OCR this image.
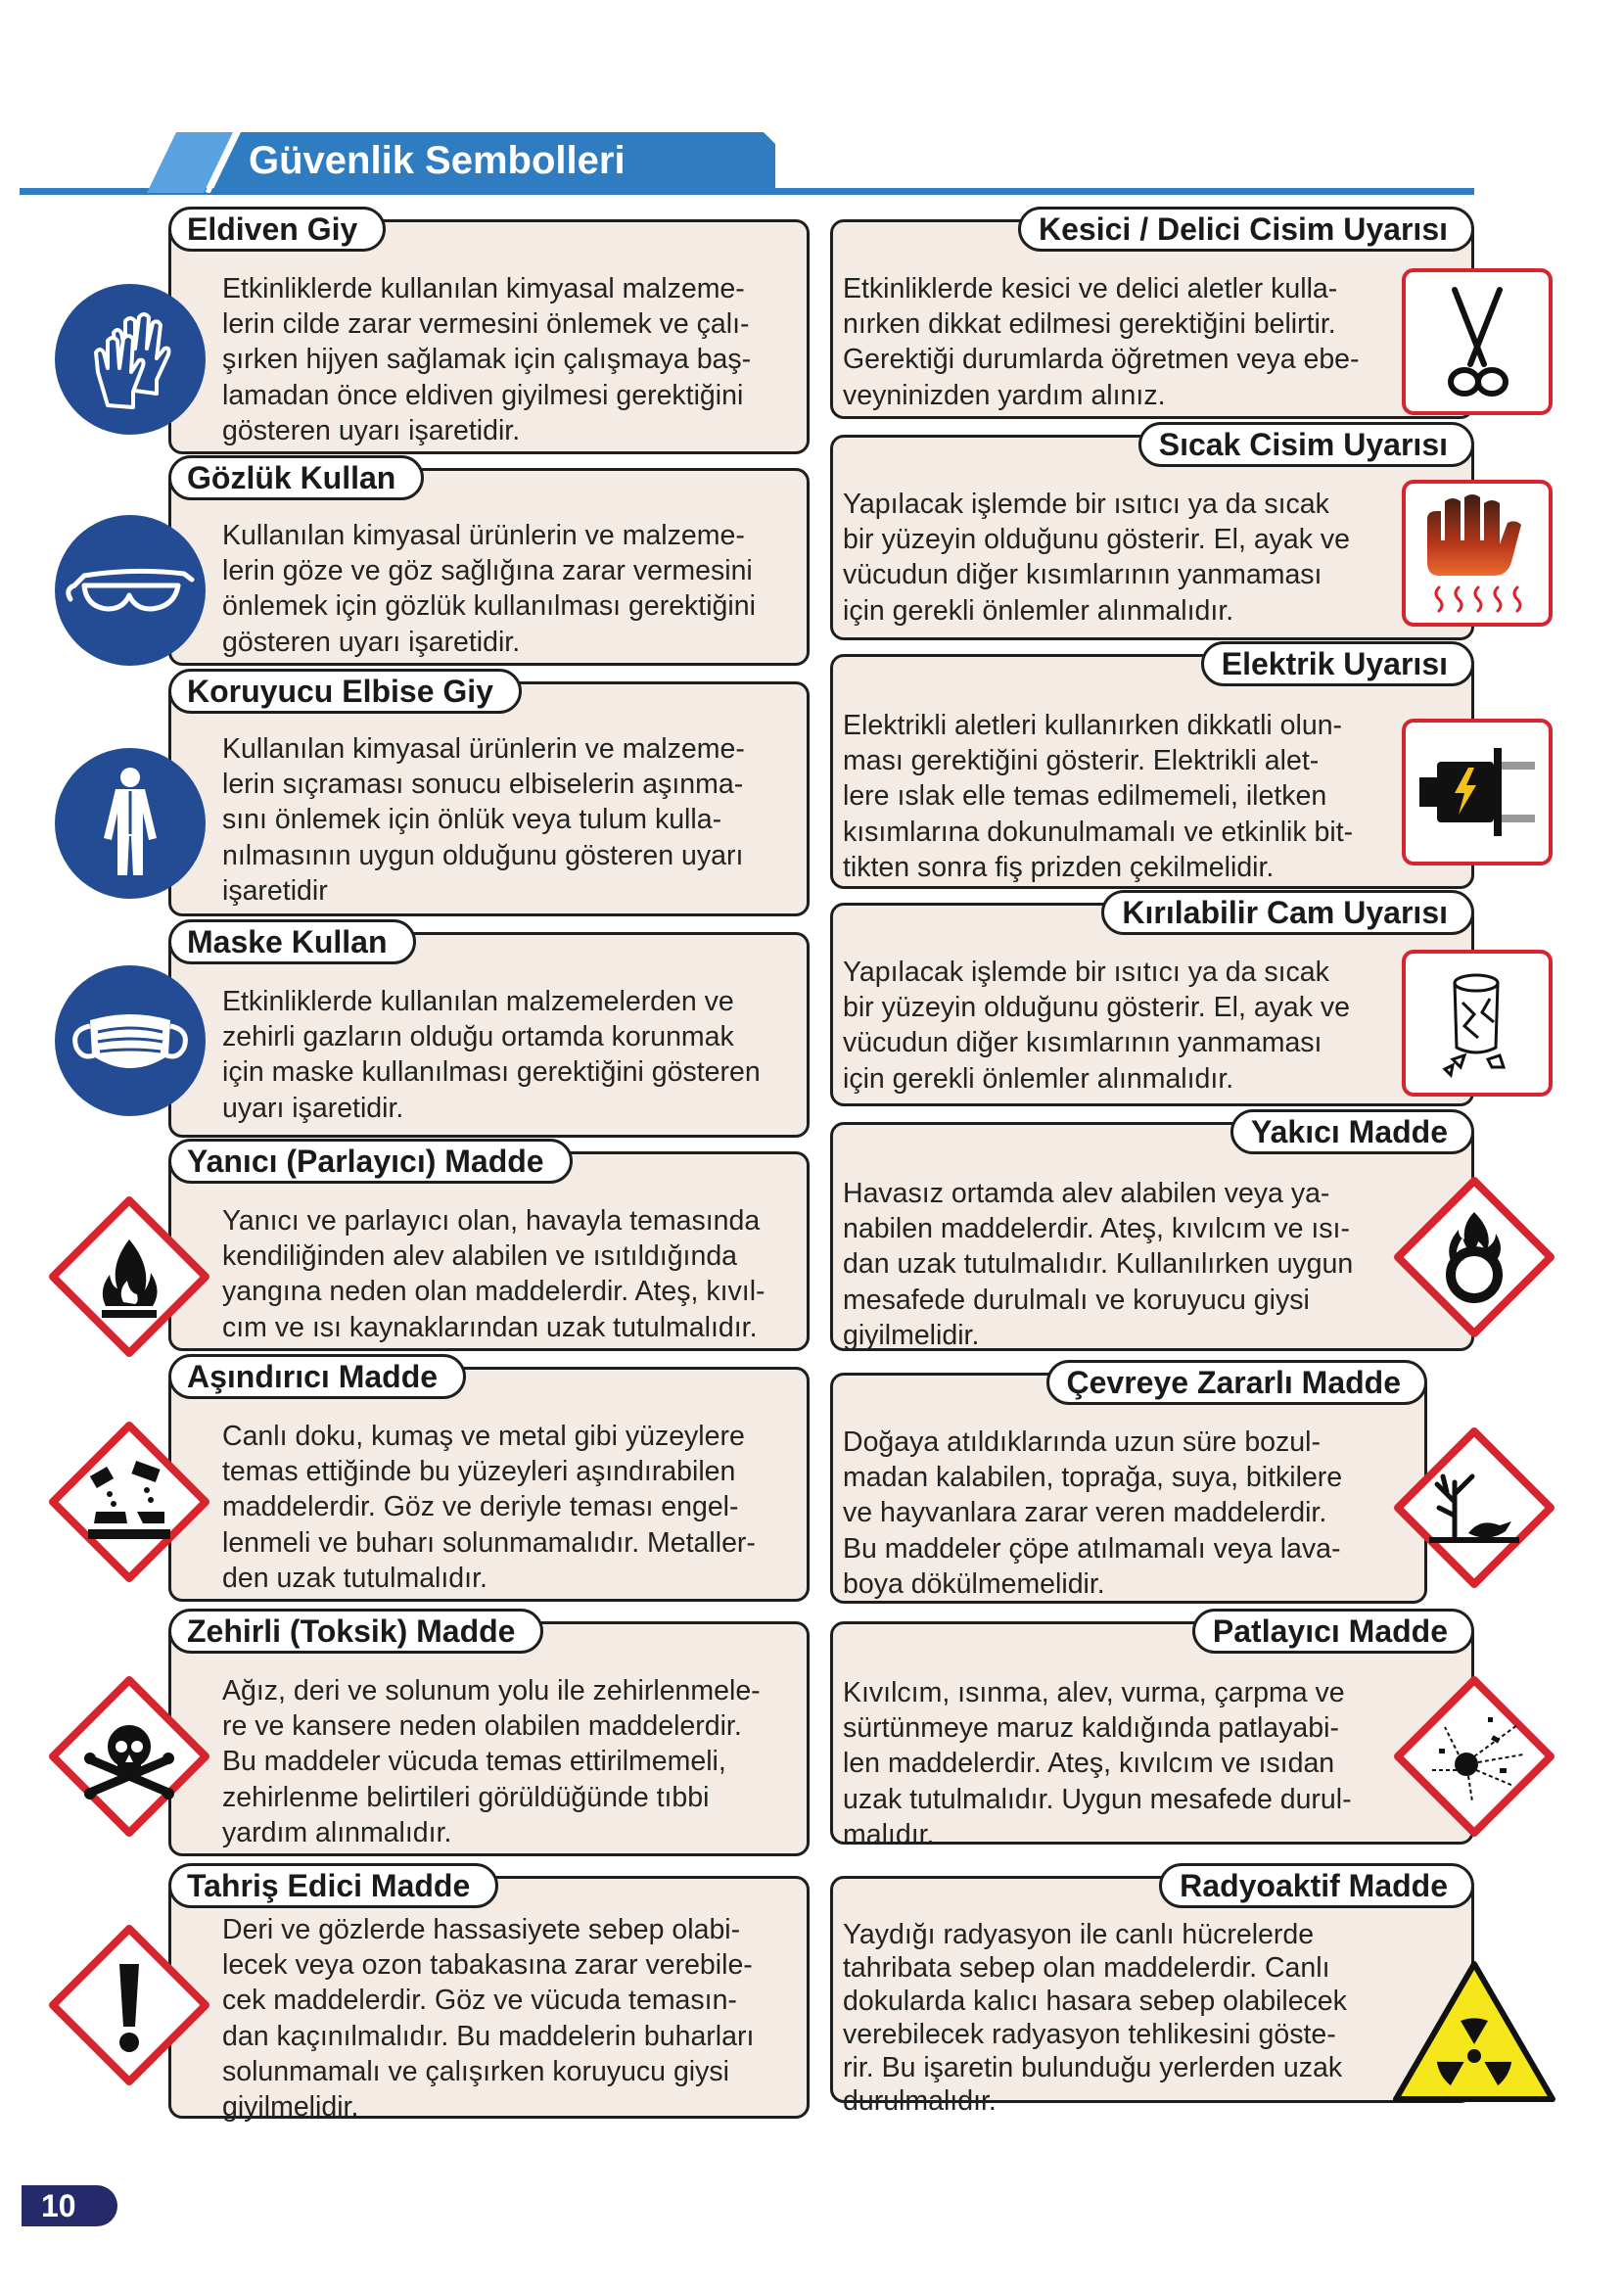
Güvenlik Sembolleri
Eldiven Giy
Etkinliklerde kullanılan kimyasal malzeme-
lerin cilde zarar vermesini önlemek ve çalı-
şırken hijyen sağlamak için çalışmaya baş-
lamadan önce eldiven giyilmesi gerektiğini
gösteren uyarı işaretidir.
Gözlük Kullan
Kullanılan kimyasal ürünlerin ve malzeme-
lerin göze ve göz sağlığına zarar vermesini
önlemek için gözlük kullanılması gerektiğini
gösteren uyarı işaretidir.
Koruyucu Elbise Giy
Kullanılan kimyasal ürünlerin ve malzeme-
lerin sıçraması sonucu elbiselerin aşınma-
sını önlemek için önlük veya tulum kulla-
nılmasının uygun olduğunu gösteren uyarı
işaretidir
Maske Kullan
Etkinliklerde kullanılan malzemelerden ve
zehirli gazların olduğu ortamda korunmak
için maske kullanılması gerektiğini gösteren
uyarı işaretidir.
Yanıcı (Parlayıcı) Madde
Yanıcı ve parlayıcı olan, havayla temasında
kendiliğinden alev alabilen ve ısıtıldığında
yangına neden olan maddelerdir. Ateş, kıvıl-
cım ve ısı kaynaklarından uzak tutulmalıdır.
Aşındırıcı Madde
Canlı doku, kumaş ve metal gibi yüzeylere
temas ettiğinde bu yüzeyleri aşındırabilen
maddelerdir. Göz ve deriyle teması engel-
lenmeli ve buharı solunmamalıdır. Metaller-
den uzak tutulmalıdır.
Zehirli (Toksik) Madde
Ağız, deri ve solunum yolu ile zehirlenmele-
re ve kansere neden olabilen maddelerdir.
Bu maddeler vücuda temas ettirilmemeli,
zehirlenme belirtileri görüldüğünde tıbbi
yardım alınmalıdır.
Tahriş Edici Madde
Deri ve gözlerde hassasiyete sebep olabi-
lecek veya ozon tabakasına zarar verebile-
cek maddelerdir. Göz ve vücuda temasın-
dan kaçınılmalıdır. Bu maddelerin buharları
solunmamalı ve çalışırken koruyucu giysi
giyilmelidir.
Kesici / Delici Cisim Uyarısı
Etkinliklerde kesici ve delici aletler kulla-
nırken dikkat edilmesi gerektiğini belirtir.
Gerektiği durumlarda öğretmen veya ebe-
veyninizden yardım alınız.
Sıcak Cisim Uyarısı
Yapılacak işlemde bir ısıtıcı ya da sıcak
bir yüzeyin olduğunu gösterir. El, ayak ve
vücudun diğer kısımlarının yanmaması
için gerekli önlemler alınmalıdır.
Elektrik Uyarısı
Elektrikli aletleri kullanırken dikkatli olun-
ması gerektiğini gösterir. Elektrikli alet-
lere ıslak elle temas edilmemeli, iletken
kısımlarına dokunulmamalı ve etkinlik bit-
tikten sonra fiş prizden çekilmelidir.
Kırılabilir Cam Uyarısı
Yapılacak işlemde bir ısıtıcı ya da sıcak
bir yüzeyin olduğunu gösterir. El, ayak ve
vücudun diğer kısımlarının yanmaması
için gerekli önlemler alınmalıdır.
Yakıcı Madde
Havasız ortamda alev alabilen veya ya-
nabilen maddelerdir. Ateş, kıvılcım ve ısı-
dan uzak tutulmalıdır. Kullanılırken uygun
mesafede durulmalı ve koruyucu giysi
giyilmelidir.
Çevreye Zararlı Madde
Doğaya atıldıklarında uzun süre bozul-
madan kalabilen, toprağa, suya, bitkilere
ve hayvanlara zarar veren maddelerdir.
Bu maddeler çöpe atılmamalı veya lava-
boya dökülmemelidir.
Patlayıcı Madde
Kıvılcım, ısınma, alev, vurma, çarpma ve
sürtünmeye maruz kaldığında patlayabi-
len maddelerdir. Ateş, kıvılcım ve ısıdan
uzak tutulmalıdır. Uygun mesafede durul-
malıdır.
Radyoaktif Madde
Yaydığı radyasyon ile canlı hücrelerde
tahribata sebep olan maddelerdir. Canlı
dokularda kalıcı hasara sebep olabilecek
verebilecek radyasyon tehlikesini göste-
rir. Bu işaretin bulunduğu yerlerden uzak
durulmalıdır.
10
